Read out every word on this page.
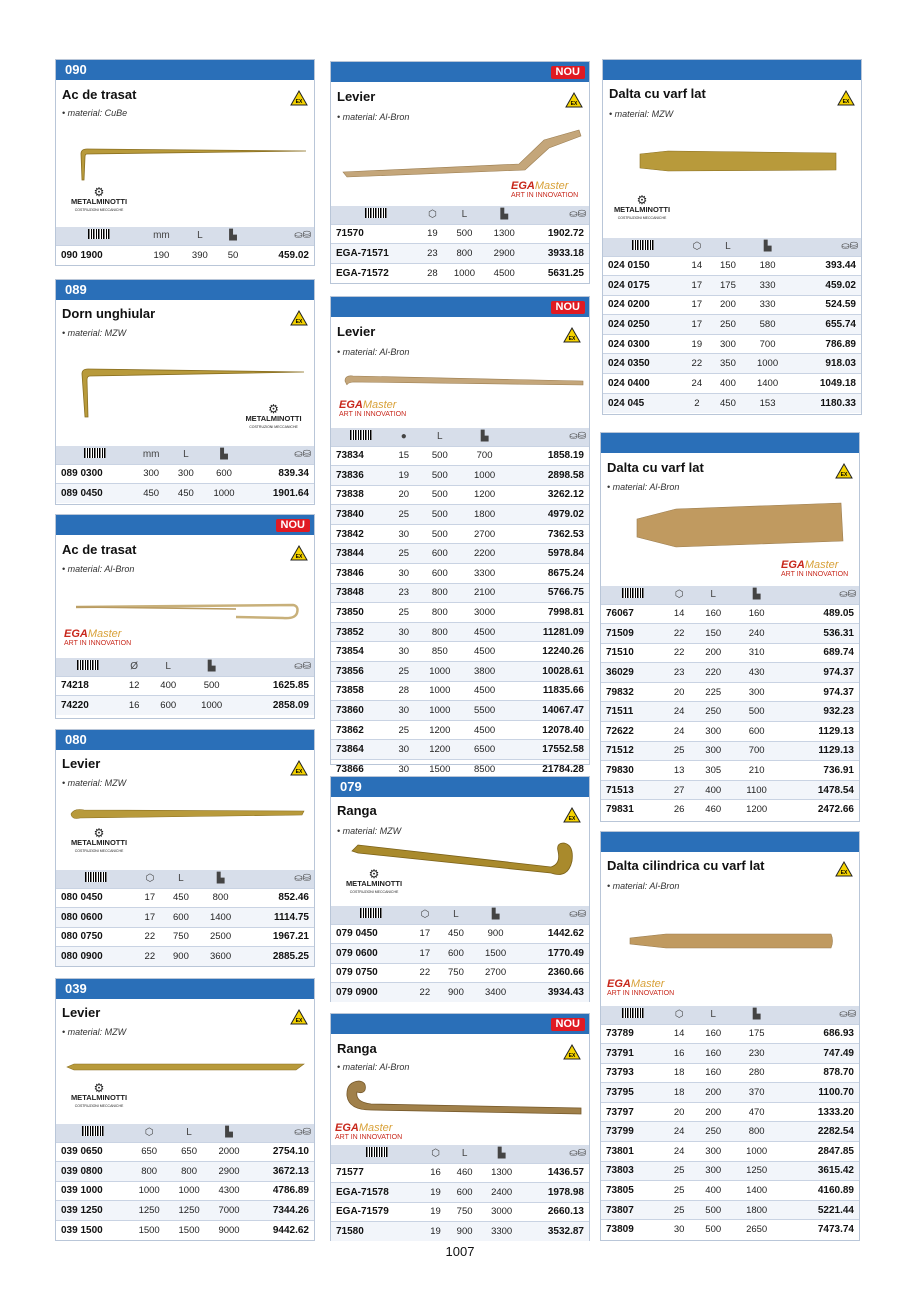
090
Ac de trasat
• material: CuBe
EX
⚙
METALMINOTTI
COSTRUZIONI MECCANICHE
	mm	L	▙	⛀⛁
090 1900	190	390	50	459.02
089
Dorn unghiular
• material: MZW
EX
⚙
METALMINOTTI
COSTRUZIONI MECCANICHE
	mm	L	▙	⛀⛁
089 0300	300	300	600	839.34
089 0450	450	450	1000	1901.64
NOU
Ac de trasat
• material: Al-Bron
EX
EGAMaster
ART IN INNOVATION
	Ø	L	▙	⛀⛁
74218	12	400	500	1625.85
74220	16	600	1000	2858.09
080
Levier
• material: MZW
EX
⚙
METALMINOTTI
COSTRUZIONI MECCANICHE
	⬡	L	▙	⛀⛁
080 0450	17	450	800	852.46
080 0600	17	600	1400	1114.75
080 0750	22	750	2500	1967.21
080 0900	22	900	3600	2885.25
039
Levier
• material: MZW
EX
⚙
METALMINOTTI
COSTRUZIONI MECCANICHE
	⬡	L	▙	⛀⛁
039 0650	650	650	2000	2754.10
039 0800	800	800	2900	3672.13
039 1000	1000	1000	4300	4786.89
039 1250	1250	1250	7000	7344.26
039 1500	1500	1500	9000	9442.62
NOU
Levier
• material: Al-Bron
EX
EGAMaster
ART IN INNOVATION
	⬡	L	▙	⛀⛁
71570	19	500	1300	1902.72
EGA-71571	23	800	2900	3933.18
EGA-71572	28	1000	4500	5631.25
NOU
Levier
• material: Al-Bron
EX
EGAMaster
ART IN INNOVATION
	●	L	▙	⛀⛁
73834	15	500	700	1858.19
73836	19	500	1000	2898.58
73838	20	500	1200	3262.12
73840	25	500	1800	4979.02
73842	30	500	2700	7362.53
73844	25	600	2200	5978.84
73846	30	600	3300	8675.24
73848	23	800	2100	5766.75
73850	25	800	3000	7998.81
73852	30	800	4500	11281.09
73854	30	850	4500	12240.26
73856	25	1000	3800	10028.61
73858	28	1000	4500	11835.66
73860	30	1000	5500	14067.47
73862	25	1200	4500	12078.40
73864	30	1200	6500	17552.58
73866	30	1500	8500	21784.28
079
Ranga
• material: MZW
EX
⚙
METALMINOTTI
COSTRUZIONI MECCANICHE
	⬡	L	▙	⛀⛁
079 0450	17	450	900	1442.62
079 0600	17	600	1500	1770.49
079 0750	22	750	2700	2360.66
079 0900	22	900	3400	3934.43
NOU
Ranga
• material: Al-Bron
EX
EGAMaster
ART IN INNOVATION
	⬡	L	▙	⛀⛁
71577	16	460	1300	1436.57
EGA-71578	19	600	2400	1978.98
EGA-71579	19	750	3000	2660.13
71580	19	900	3300	3532.87
Dalta cu varf lat
• material: MZW
EX
⚙
METALMINOTTI
COSTRUZIONI MECCANICHE
	⬡	L	▙	⛀⛁
024 0150	14	150	180	393.44
024 0175	17	175	330	459.02
024 0200	17	200	330	524.59
024 0250	17	250	580	655.74
024 0300	19	300	700	786.89
024 0350	22	350	1000	918.03
024 0400	24	400	1400	1049.18
024 045	2	450	153	1180.33
Dalta cu varf lat
• material: Al-Bron
EX
EGAMaster
ART IN INNOVATION
	⬡	L	▙	⛀⛁
76067	14	160	160	489.05
71509	22	150	240	536.31
71510	22	200	310	689.74
36029	23	220	430	974.37
79832	20	225	300	974.37
71511	24	250	500	932.23
72622	24	300	600	1129.13
71512	25	300	700	1129.13
79830	13	305	210	736.91
71513	27	400	1100	1478.54
79831	26	460	1200	2472.66
Dalta cilindrica cu varf lat
• material: Al-Bron
EX
EGAMaster
ART IN INNOVATION
	⬡	L	▙	⛀⛁
73789	14	160	175	686.93
73791	16	160	230	747.49
73793	18	160	280	878.70
73795	18	200	370	1100.70
73797	20	200	470	1333.20
73799	24	250	800	2282.54
73801	24	300	1000	2847.85
73803	25	300	1250	3615.42
73805	25	400	1400	4160.89
73807	25	500	1800	5221.44
73809	30	500	2650	7473.74
1007
